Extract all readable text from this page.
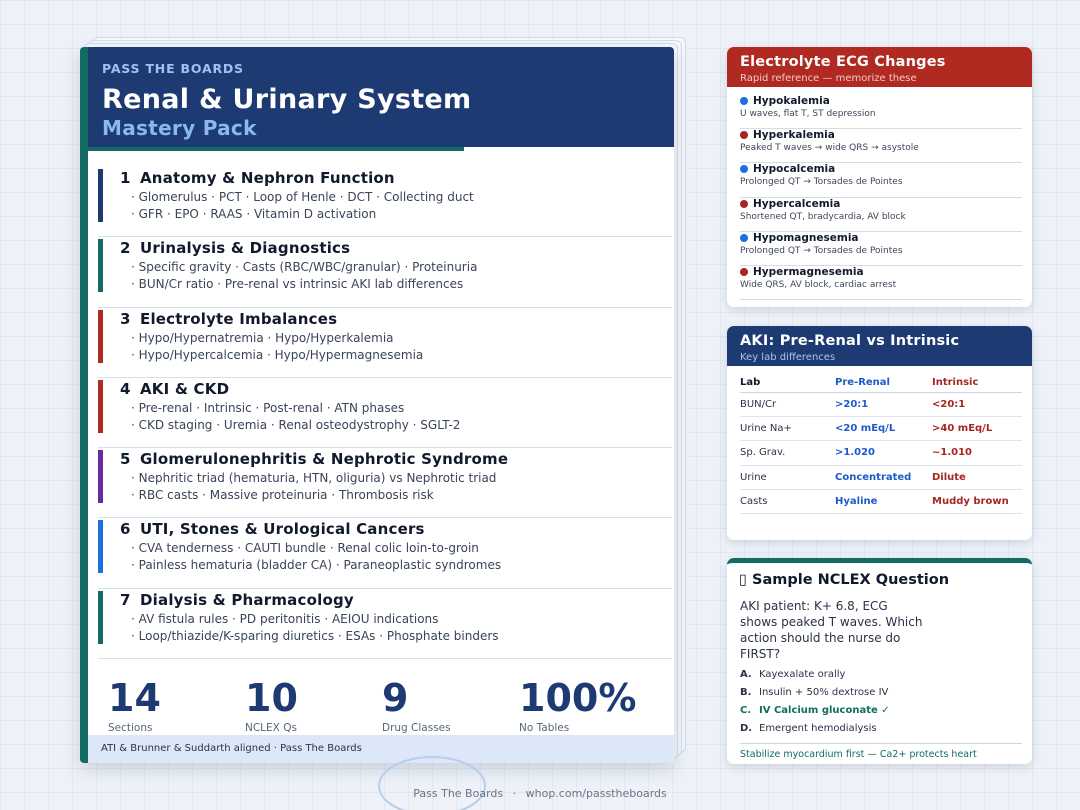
PASS THE BOARDS
Renal & Urinary System
Mastery Pack
1 Anatomy & Nephron Function
· Glomerulus · PCT · Loop of Henle · DCT · Collecting duct
· GFR · EPO · RAAS · Vitamin D activation
2 Urinalysis & Diagnostics
· Specific gravity · Casts (RBC/WBC/granular) · Proteinuria
· BUN/Cr ratio · Pre-renal vs intrinsic AKI lab differences
3 Electrolyte Imbalances
· Hypo/Hypernatremia · Hypo/Hyperkalemia
· Hypo/Hypercalcemia · Hypo/Hypermagnesemia
4 AKI & CKD
· Pre-renal · Intrinsic · Post-renal · ATN phases
· CKD staging · Uremia · Renal osteodystrophy · SGLT-2
5 Glomerulonephritis & Nephrotic Syndrome
· Nephritic triad (hematuria, HTN, oliguria) vs Nephrotic triad
· RBC casts · Massive proteinuria · Thrombosis risk
6 UTI, Stones & Urological Cancers
· CVA tenderness · CAUTI bundle · Renal colic loin-to-groin
· Painless hematuria (bladder CA) · Paraneoplastic syndromes
7 Dialysis & Pharmacology
· AV fistula rules · PD peritonitis · AEIOU indications
· Loop/thiazide/K-sparing diuretics · ESAs · Phosphate binders
14
Sections
10
NCLEX Qs
9
Drug Classes
100%
No Tables
ATI & Brunner & Suddarth aligned · Pass The Boards
Electrolyte ECG Changes
Rapid reference — memorize these
Hypokalemia
U waves, flat T, ST depression
Hyperkalemia
Peaked T waves → wide QRS → asystole
Hypocalcemia
Prolonged QT → Torsades de Pointes
Hypercalcemia
Shortened QT, bradycardia, AV block
Hypomagnesemia
Prolonged QT → Torsades de Pointes
Hypermagnesemia
Wide QRS, AV block, cardiac arrest
AKI: Pre-Renal vs Intrinsic
Key lab differences
Lab	Pre-Renal	Intrinsic
BUN/Cr	>20:1	<20:1
Urine Na+	<20 mEq/L	>40 mEq/L
Sp. Grav.	>1.020	~1.010
Urine	Concentrated	Dilute
Casts	Hyaline	Muddy brown
▯ Sample NCLEX Question
AKI patient: K+ 6.8, ECG shows peaked T waves. Which action should the nurse do FIRST?
A. Kayexalate orally
B. Insulin + 50% dextrose IV
C. IV Calcium gluconate ✓
D. Emergent hemodialysis
Stabilize myocardium first — Ca2+ protects heart
Pass The Boards · whop.com/passtheboards
